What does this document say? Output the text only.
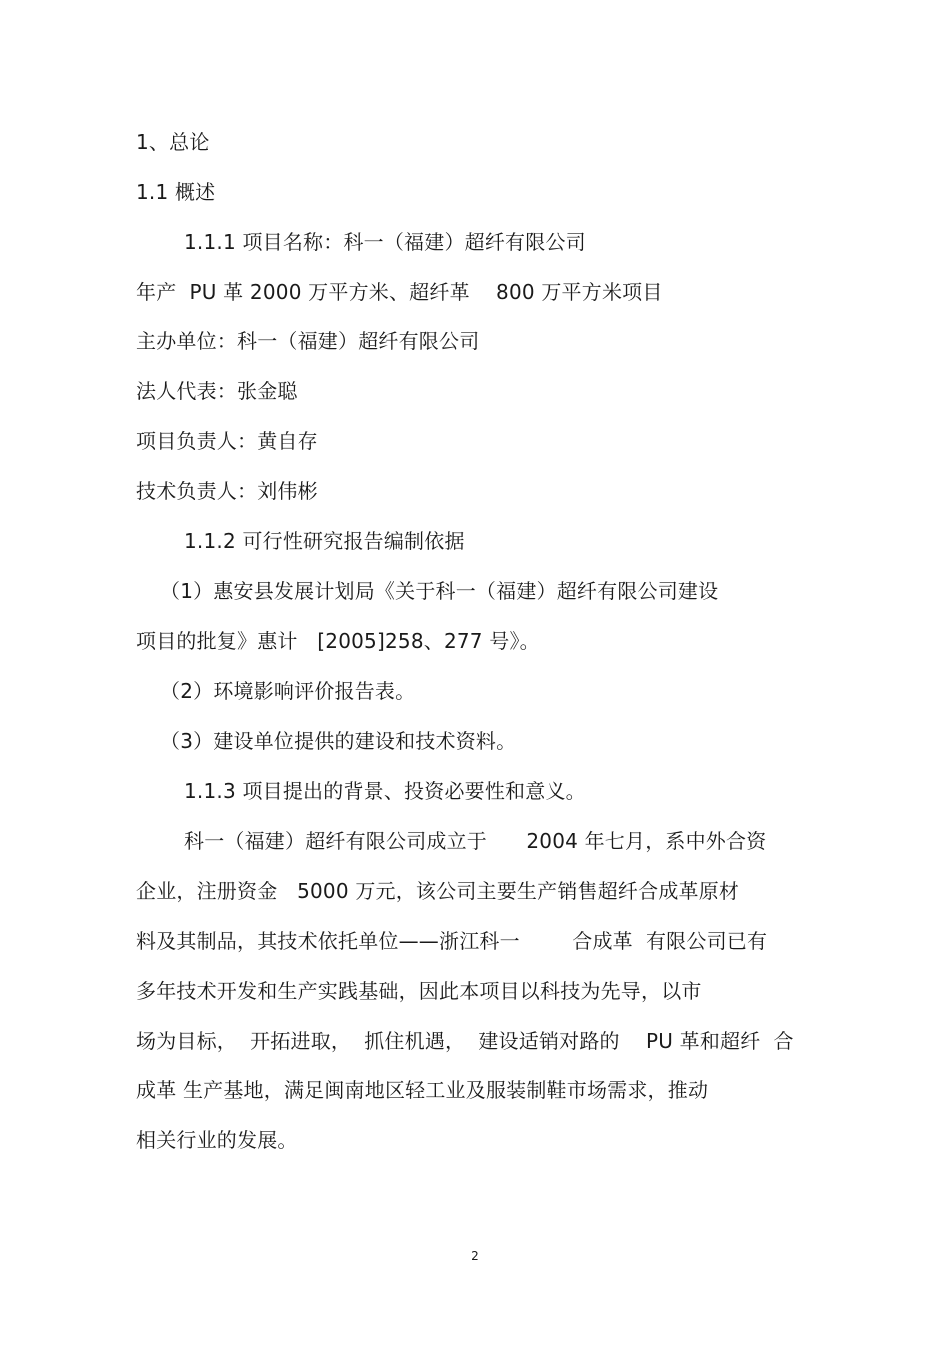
1、总论
1.1 概述
1.1.1 项目名称：科一（福建）超纤有限公司
年产  PU 革 2000 万平方米、超纤革    800 万平方米项目
主办单位：科一（福建）超纤有限公司
法人代表：张金聪
项目负责人：黄自存
技术负责人：刘伟彬
1.1.2 可行性研究报告编制依据
（1）惠安县发展计划局《关于科一（福建）超纤有限公司建设
项目的批复》惠计   [2005]258、277 号》。
（2）环境影响评价报告表。
（3）建设单位提供的建设和技术资料。
1.1.3 项目提出的背景、投资必要性和意义。
科一（福建）超纤有限公司成立于      2004 年七月，系中外合资
企业，注册资金   5000 万元，该公司主要生产销售超纤合成革原材
料及其制品，其技术依托单位——浙江科一        合成革  有限公司已有
多年技术开发和生产实践基础，因此本项目以科技为先导，以市
场为目标，  开拓进取，  抓住机遇，  建设适销对路的    PU 革和超纤  合
成革 生产基地，满足闽南地区轻工业及服装制鞋市场需求，推动
相关行业的发展。
2
